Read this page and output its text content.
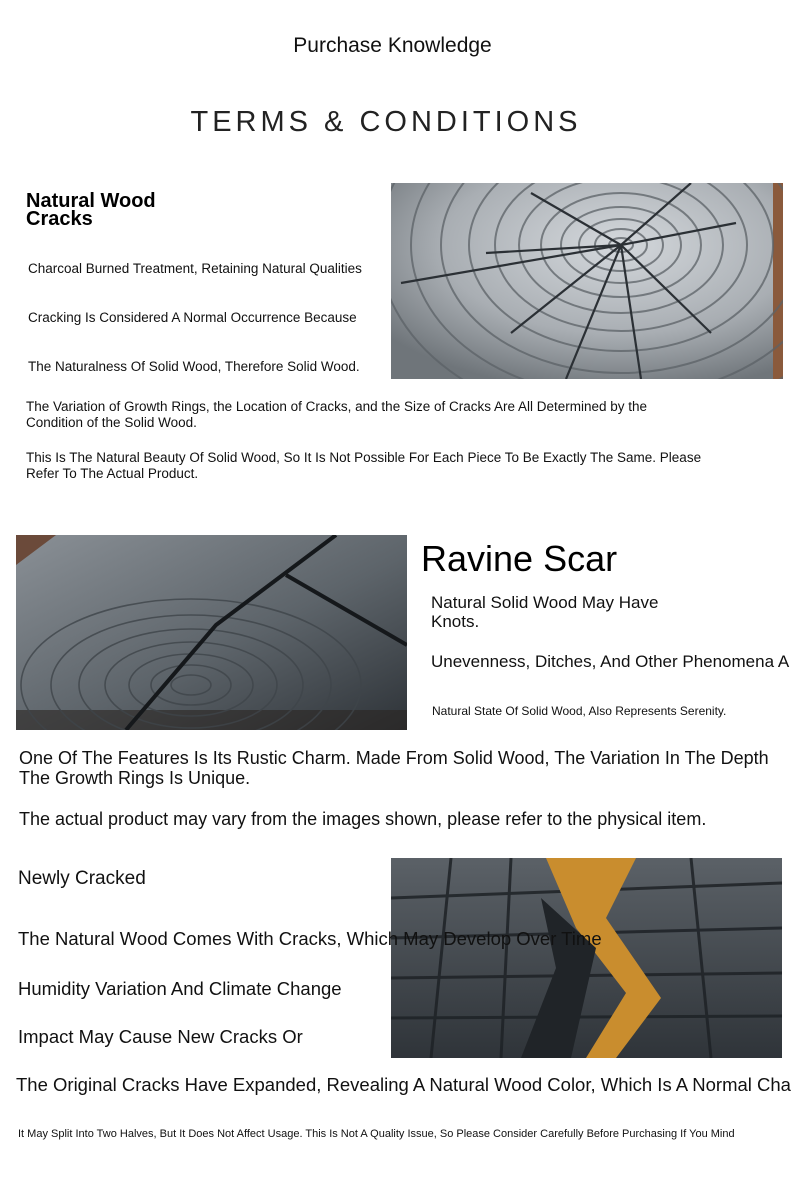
Purchase Knowledge
TERMS & CONDITIONS
Natural Wood Cracks
Charcoal Burned Treatment, Retaining Natural Qualities
Cracking Is Considered A Normal Occurrence Because
The Naturalness Of Solid Wood, Therefore Solid Wood.
The Variation of Growth Rings, the Location of Cracks, and the Size of Cracks Are All Determined by the Condition of the Solid Wood.
This Is The Natural Beauty Of Solid Wood, So It Is Not Possible For Each Piece To Be Exactly The Same. Please Refer To The Actual Product.
Ravine Scar
Natural Solid Wood May Have Knots.
Unevenness, Ditches, And Other Phenomena A
Natural State Of Solid Wood, Also Represents Serenity.
One Of The Features Is Its Rustic Charm. Made From Solid Wood, The Variation In The Depth The Growth Rings Is Unique.
The actual product may vary from the images shown, please refer to the physical item.
Newly Cracked
The Natural Wood Comes With Cracks, Which May Develop Over Time
Humidity Variation And Climate Change
Impact May Cause New Cracks Or
The Original Cracks Have Expanded, Revealing A Natural Wood Color, Which Is A Normal Cha
It May Split Into Two Halves, But It Does Not Affect Usage. This Is Not A Quality Issue, So Please Consider Carefully Before Purchasing If You Mind
